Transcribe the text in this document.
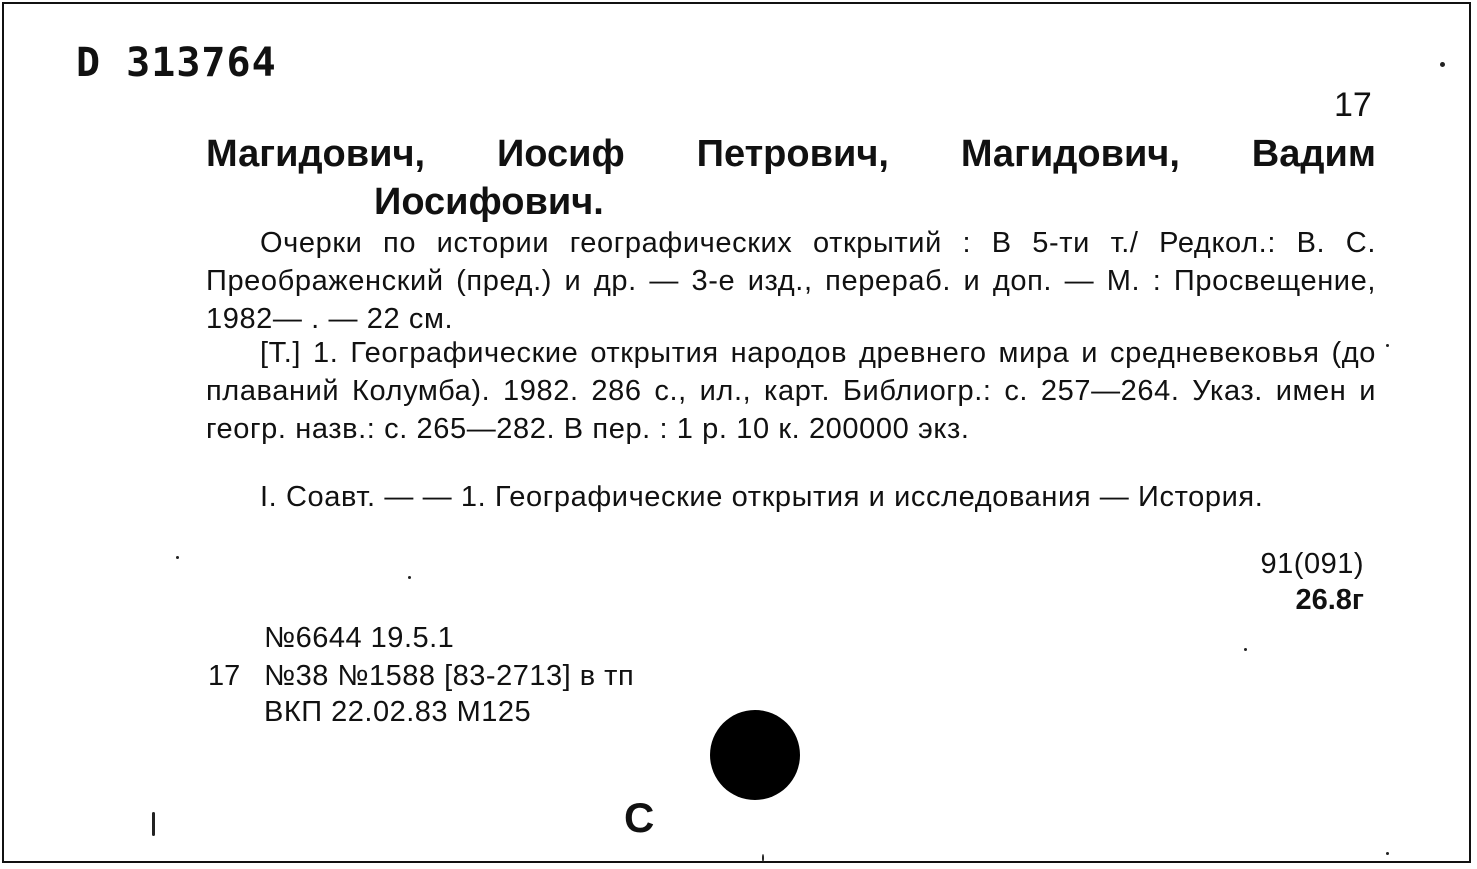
D 313764
17
Магидович, Иосиф Петрович, Магидович, Вадим
Иосифович.

Очерки по истории географических открытий : В 5-ти т./ Редкол.: В. С. Преображенский (пред.) и др. — 3-е изд., перераб. и доп. — М. : Просвещение, 1982— . — 22 см.

[Т.] 1. Географические открытия народов древнего мира и средневековья (до плаваний Колумба). 1982. 286 с., ил., карт. Библиогр.: с. 257—264. Указ. имен и геогр. назв.: с. 265—282. В пер. : 1 р. 10 к. 200000 экз.

I. Соавт. — — 1. Географические открытия и исследования — История.

91(091)
26.8г
№6644 19.5.1
17 №38 №1588 [83-2713] в тп
ВКП 22.02.83 М125
С
